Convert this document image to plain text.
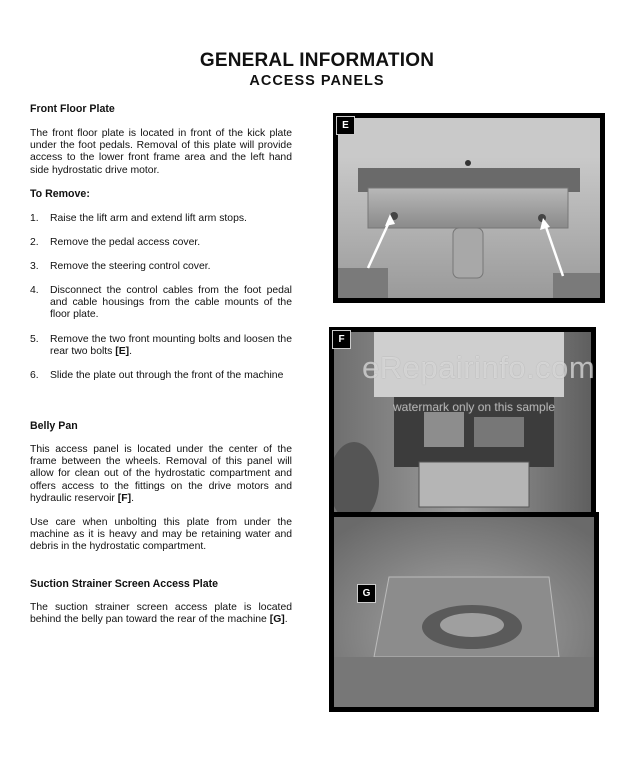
GENERAL INFORMATION
ACCESS PANELS
Front Floor Plate
The front floor plate is located in front of the kick plate under the foot pedals. Removal of this plate will provide access to the lower front frame area and the left hand side hydrostatic drive motor.
To Remove:
1. Raise the lift arm and extend lift arm stops.
2. Remove the pedal access cover.
3. Remove the steering control cover.
4. Disconnect the control cables from the foot pedal and cable housings from the cable mounts of the floor plate.
5. Remove the two front mounting bolts and loosen the rear two bolts [E].
6. Slide the plate out through the front of the machine
Belly Pan
This access panel is located under the center of the frame between the wheels. Removal of this panel will allow for clean out of the hydrostatic compartment and offers access to the fittings on the drive motors and hydraulic reservoir [F].
Use care when unbolting this plate from under the machine as it is heavy and may be retaining water and debris in the hydrostatic compartment.
Suction Strainer Screen Access Plate
The suction strainer screen access plate is located behind the belly pan toward the rear of the machine [G].
E
F
G
eRepairinfo.com
watermark only on this sample
